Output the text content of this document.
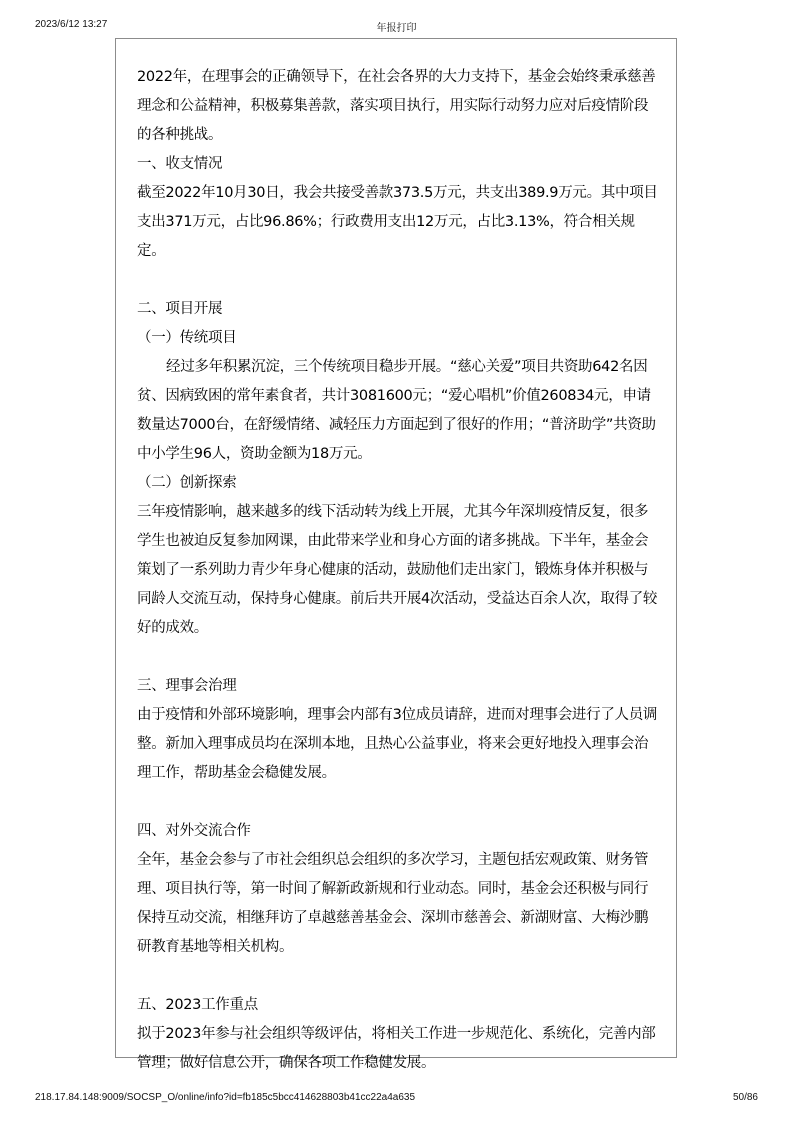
2023/6/12 13:27	年报打印

2022年，在理事会的正确领导下，在社会各界的大力支持下，基金会始终秉承慈善理念和公益精神，积极募集善款，落实项目执行，用实际行动努力应对后疫情阶段的各种挑战。

一、收支情况

截至2022年10月30日，我会共接受善款373.5万元，共支出389.9万元。其中项目支出371万元，占比96.86%；行政费用支出12万元，占比3.13%，符合相关规定。

二、项目开展

（一）传统项目

经过多年积累沉淀，三个传统项目稳步开展。“慈心关爱”项目共资助642名因贫、因病致困的常年素食者，共计3081600元；“爱心唱机”价值260834元，申请数量达7000台，在舒缓情绪、减轻压力方面起到了很好的作用；“普济助学”共资助中小学生96人，资助金额为18万元。

（二）创新探索

三年疫情影响，越来越多的线下活动转为线上开展，尤其今年深圳疫情反复，很多学生也被迫反复参加网课，由此带来学业和身心方面的诸多挑战。下半年，基金会策划了一系列助力青少年身心健康的活动，鼓励他们走出家门，锻炼身体并积极与同龄人交流互动，保持身心健康。前后共开展4次活动，受益达百余人次，取得了较好的成效。

三、理事会治理

由于疫情和外部环境影响，理事会内部有3位成员请辞，进而对理事会进行了人员调整。新加入理事成员均在深圳本地，且热心公益事业，将来会更好地投入理事会治理工作，帮助基金会稳健发展。

四、对外交流合作

全年，基金会参与了市社会组织总会组织的多次学习，主题包括宏观政策、财务管理、项目执行等，第一时间了解新政新规和行业动态。同时，基金会还积极与同行保持互动交流，相继拜访了卓越慈善基金会、深圳市慈善会、新湖财富、大梅沙鹏研教育基地等相关机构。

五、2023工作重点

拟于2023年参与社会组织等级评估，将相关工作进一步规范化、系统化，完善内部管理；做好信息公开，确保各项工作稳健发展。

218.17.84.148:9009/SOCSP_O/online/info?id=fb185c5bcc414628803b41cc22a4a635	50/86
